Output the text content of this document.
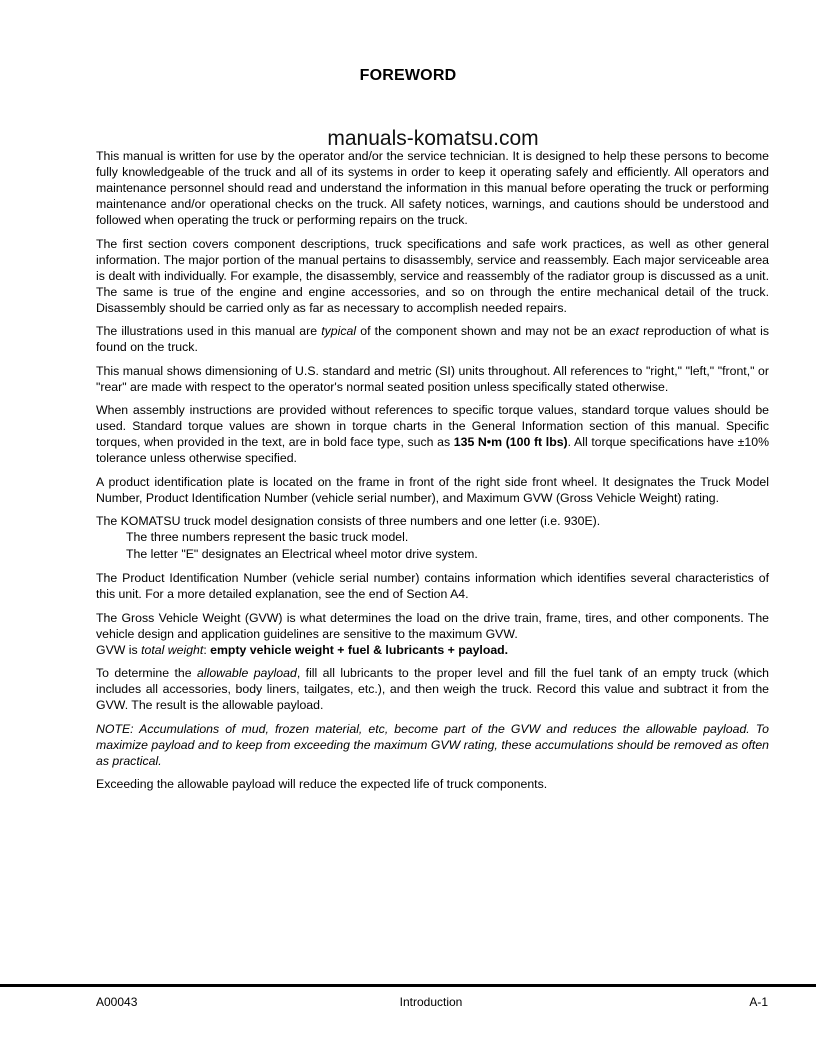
FOREWORD
manuals-komatsu.com

This manual is written for use by the operator and/or the service technician. It is designed to help these persons to become fully knowledgeable of the truck and all of its systems in order to keep it operating safely and efficiently. All operators and maintenance personnel should read and understand the information in this manual before operating the truck or performing maintenance and/or operational checks on the truck. All safety notices, warnings, and cautions should be understood and followed when operating the truck or performing repairs on the truck.

The first section covers component descriptions, truck specifications and safe work practices, as well as other general information. The major portion of the manual pertains to disassembly, service and reassembly. Each major serviceable area is dealt with individually. For example, the disassembly, service and reassembly of the radiator group is discussed as a unit. The same is true of the engine and engine accessories, and so on through the entire mechanical detail of the truck. Disassembly should be carried only as far as necessary to accomplish needed repairs.

The illustrations used in this manual are typical of the component shown and may not be an exact reproduction of what is found on the truck.

This manual shows dimensioning of U.S. standard and metric (SI) units throughout. All references to "right," "left," "front," or "rear" are made with respect to the operator's normal seated position unless specifically stated otherwise.

When assembly instructions are provided without references to specific torque values, standard torque values should be used. Standard torque values are shown in torque charts in the General Information section of this manual. Specific torques, when provided in the text, are in bold face type, such as 135 N•m (100 ft lbs). All torque specifications have ±10% tolerance unless otherwise specified.

A product identification plate is located on the frame in front of the right side front wheel. It designates the Truck Model Number, Product Identification Number (vehicle serial number), and Maximum GVW (Gross Vehicle Weight) rating.

The KOMATSU truck model designation consists of three numbers and one letter (i.e. 930E).

The three numbers represent the basic truck model.

The letter "E" designates an Electrical wheel motor drive system.

The Product Identification Number (vehicle serial number) contains information which identifies several characteristics of this unit. For a more detailed explanation, see the end of Section A4.

The Gross Vehicle Weight (GVW) is what determines the load on the drive train, frame, tires, and other components. The vehicle design and application guidelines are sensitive to the maximum GVW.

GVW is total weight: empty vehicle weight + fuel & lubricants + payload.

To determine the allowable payload, fill all lubricants to the proper level and fill the fuel tank of an empty truck (which includes all accessories, body liners, tailgates, etc.), and then weigh the truck. Record this value and subtract it from the GVW. The result is the allowable payload.

NOTE: Accumulations of mud, frozen material, etc, become part of the GVW and reduces the allowable payload. To maximize payload and to keep from exceeding the maximum GVW rating, these accumulations should be removed as often as practical.

Exceeding the allowable payload will reduce the expected life of truck components.

A00043	Introduction	A-1
